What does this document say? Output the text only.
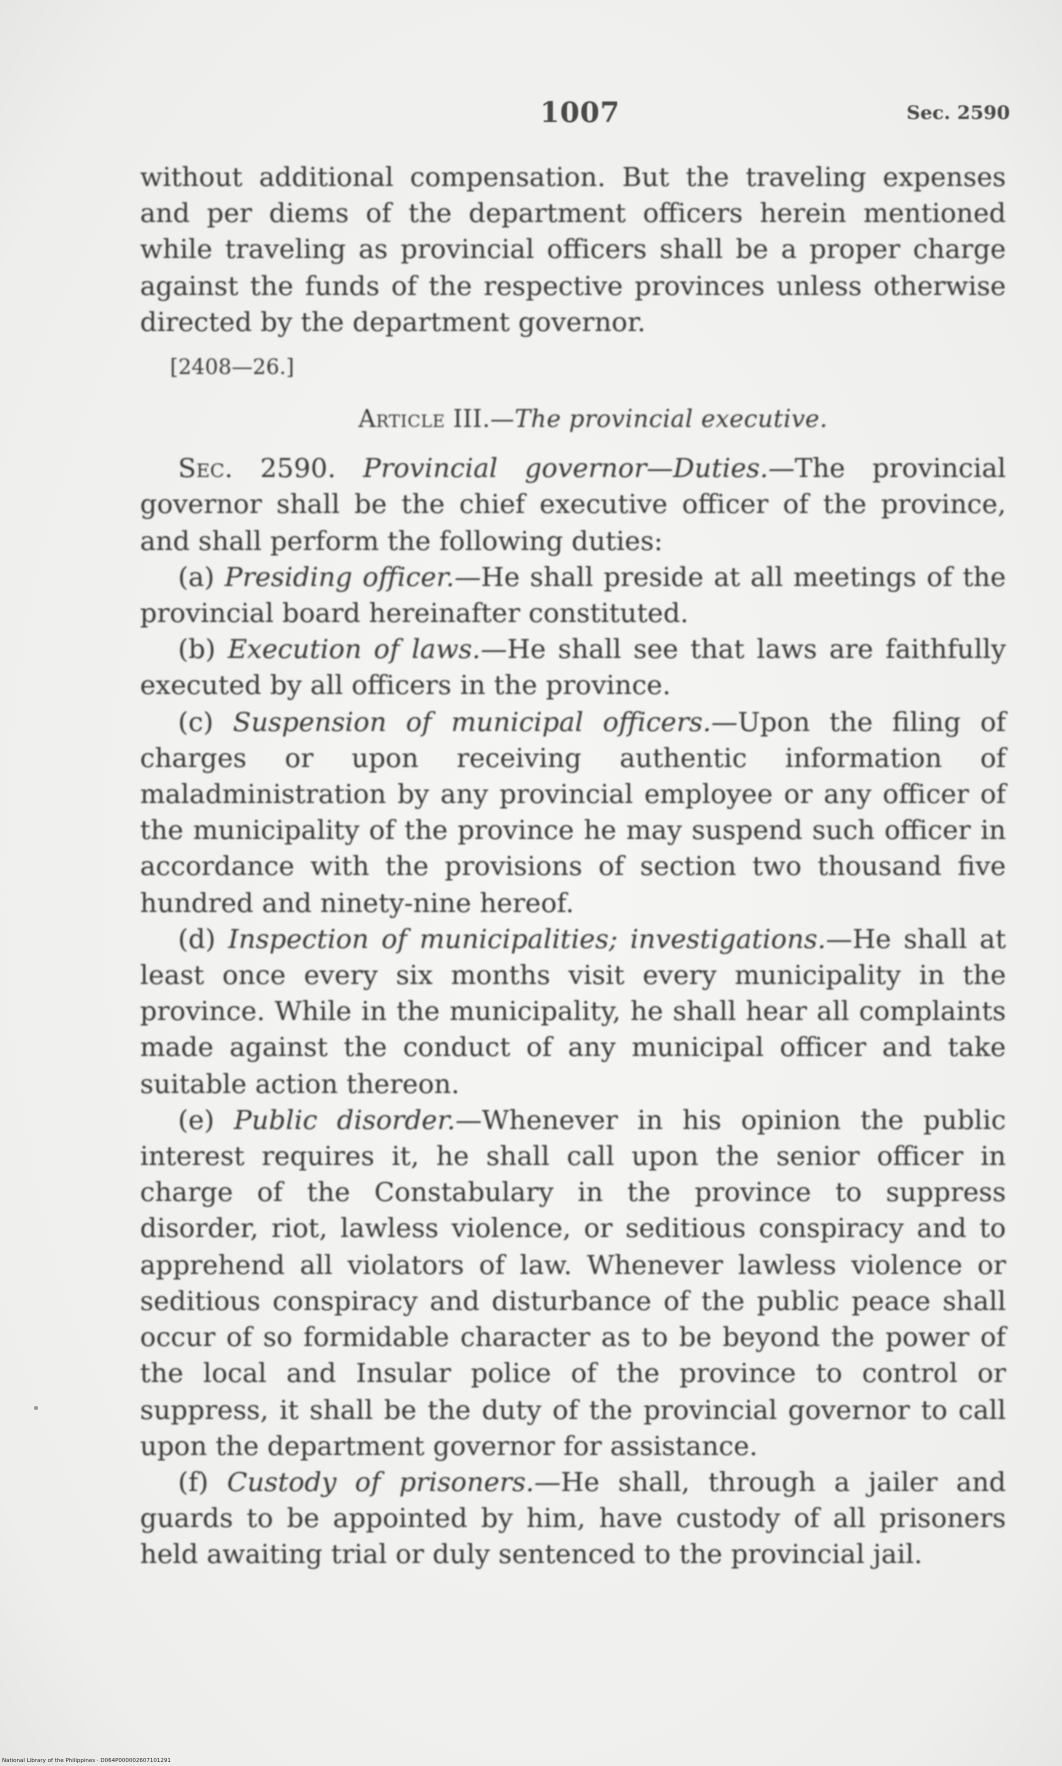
1007	Sec. 2590

without additional compensation. But the traveling expenses and per diems of the department officers herein mentioned while traveling as provincial officers shall be a proper charge against the funds of the respective provinces unless otherwise directed by the department governor.

[2408—26.]

Article III.—The provincial executive.

Sec. 2590. Provincial governor—Duties.—The provincial governor shall be the chief executive officer of the province, and shall perform the following duties:

(a) Presiding officer.—He shall preside at all meetings of the provincial board hereinafter constituted.

(b) Execution of laws.—He shall see that laws are faithfully executed by all officers in the province.

(c) Suspension of municipal officers.—Upon the filing of charges or upon receiving authentic information of maladministration by any provincial employee or any officer of the municipality of the province he may suspend such officer in accordance with the provisions of section two thousand five hundred and ninety-nine hereof.

(d) Inspection of municipalities; investigations.—He shall at least once every six months visit every municipality in the province. While in the municipality, he shall hear all complaints made against the conduct of any municipal officer and take suitable action thereon.

(e) Public disorder.—Whenever in his opinion the public interest requires it, he shall call upon the senior officer in charge of the Constabulary in the province to suppress disorder, riot, lawless violence, or seditious conspiracy and to apprehend all violators of law. Whenever lawless violence or seditious conspiracy and disturbance of the public peace shall occur of so formidable character as to be beyond the power of the local and Insular police of the province to control or suppress, it shall be the duty of the provincial governor to call upon the department governor for assistance.

(f) Custody of prisoners.—He shall, through a jailer and guards to be appointed by him, have custody of all prisoners held awaiting trial or duly sentenced to the provincial jail.

National Library of the Philippines · D064P000002607101291
